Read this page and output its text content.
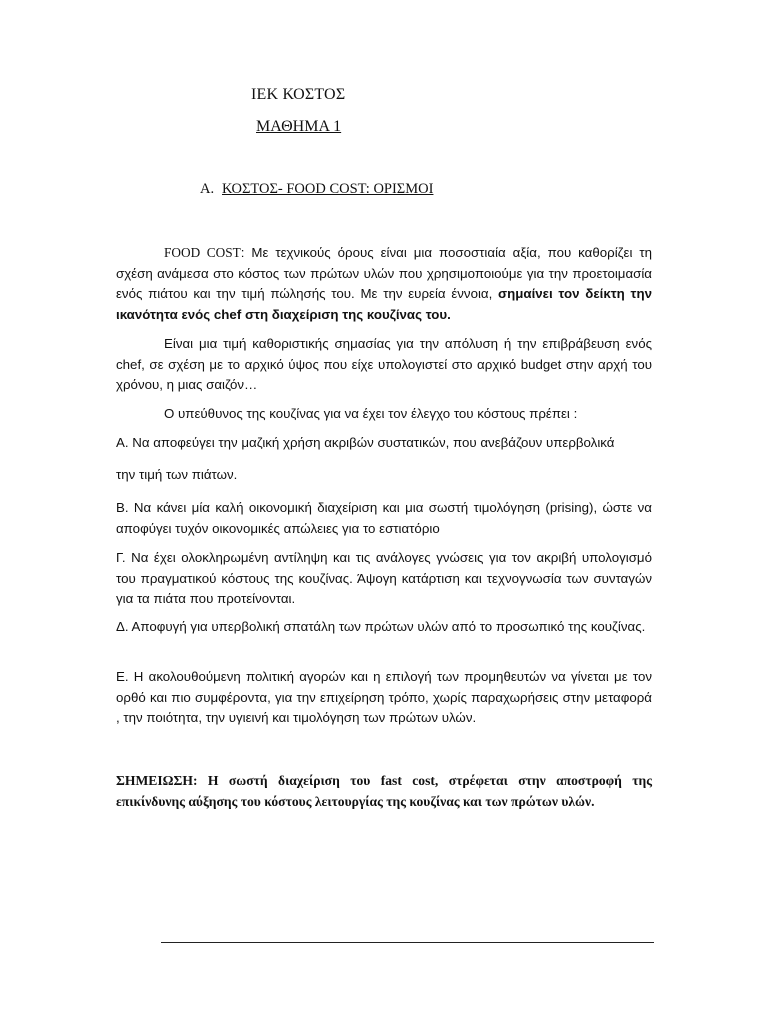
ΙΕΚ ΚΟΣΤΟΣ
ΜΑΘΗΜΑ 1
Α. ΚΟΣΤΟΣ- FOOD COST: ΟΡΙΣΜΟΙ
FOOD COST: Με τεχνικούς όρους είναι μια ποσοστιαία αξία, που καθορίζει τη σχέση ανάμεσα στο κόστος των πρώτων υλών που χρησιμοποιούμε για την προετοιμασία ενός πιάτου και την τιμή πώλησής του. Με την ευρεία έννοια, σημαίνει τον δείκτη την ικανότητα ενός chef στη διαχείριση της κουζίνας του.
Είναι μια τιμή καθοριστικής σημασίας για την απόλυση ή την επιβράβευση ενός chef, σε σχέση με το αρχικό ύψος που είχε υπολογιστεί στο αρχικό budget στην αρχή του χρόνου, η μιας σαιζόν…
Ο υπεύθυνος της κουζίνας για να έχει τον έλεγχο του κόστους πρέπει :
Α. Να αποφεύγει την μαζική χρήση ακριβών συστατικών, που ανεβάζουν υπερβολικά
την τιμή των πιάτων.
Β. Να κάνει μία καλή οικονομική διαχείριση και μια σωστή τιμολόγηση (prising), ώστε να αποφύγει τυχόν οικονομικές απώλειες για το εστιατόριο
Γ. Να έχει ολοκληρωμένη αντίληψη και τις ανάλογες γνώσεις για τον ακριβή υπολογισμό του πραγματικού κόστους της κουζίνας. Άψογη κατάρτιση και τεχνογνωσία των συνταγών για τα πιάτα που προτείνονται.
Δ. Αποφυγή για υπερβολική σπατάλη των πρώτων υλών από το προσωπικό της κουζίνας.
Ε. Η ακολουθούμενη πολιτική αγορών και η επιλογή των προμηθευτών να γίνεται με τον ορθό και πιο συμφέροντα, για την επιχείρηση τρόπο, χωρίς παραχωρήσεις στην μεταφορά , την ποιότητα, την υγιεινή και τιμολόγηση των πρώτων υλών.
ΣΗΜΕΙΩΣΗ: Η σωστή διαχείριση του fast cost, στρέφεται στην αποστροφή της επικίνδυνης αύξησης του κόστους λειτουργίας της κουζίνας και των πρώτων υλών.
